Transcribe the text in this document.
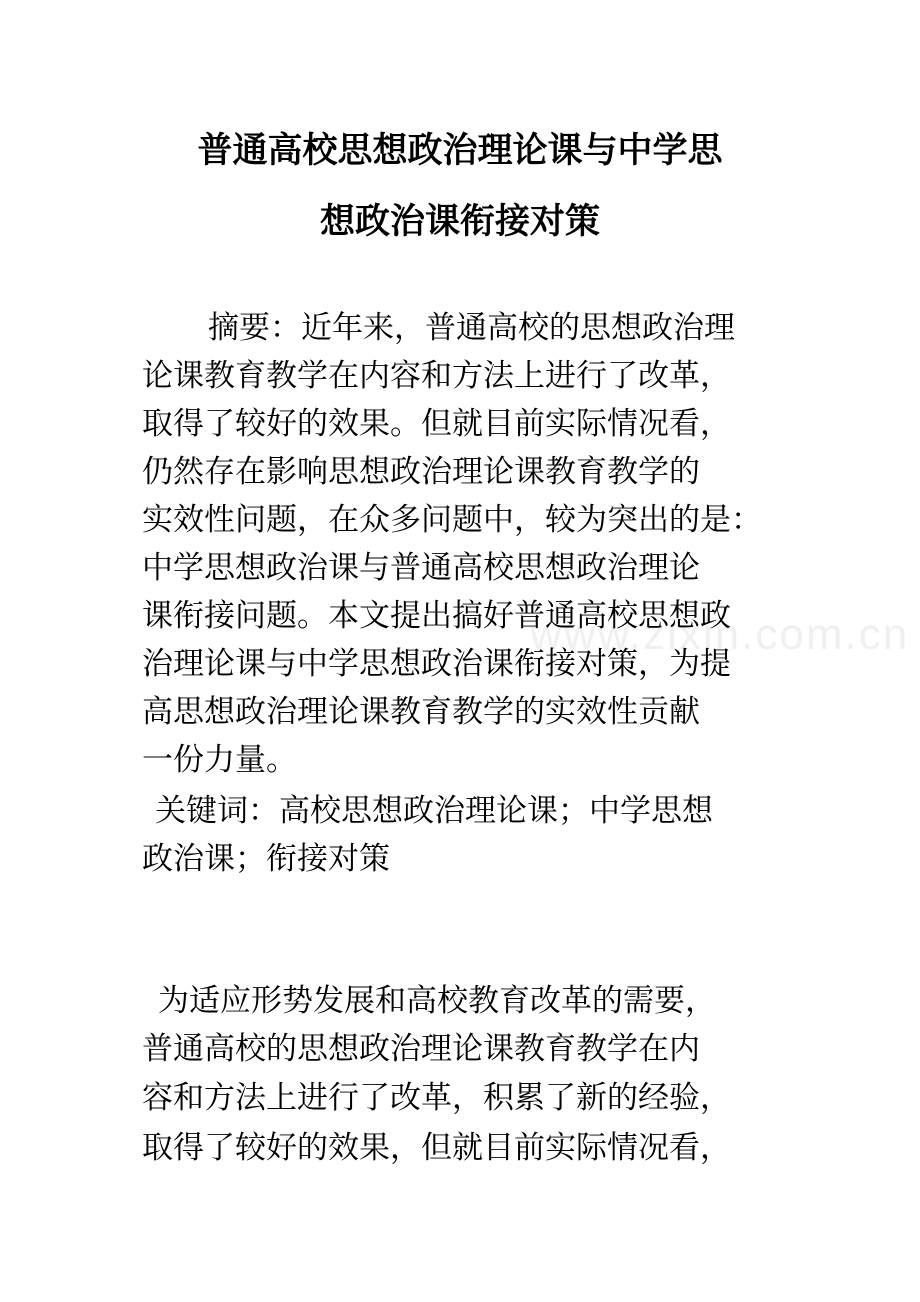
www.zixin.com.cn
普通高校思想政治理论课与中学思
想政治课衔接对策
摘要：近年来，普通高校的思想政治理
论课教育教学在内容和方法上进行了改革，
取得了较好的效果。但就目前实际情况看，
仍然存在影响思想政治理论课教育教学的
实效性问题，在众多问题中，较为突出的是：
中学思想政治课与普通高校思想政治理论
课衔接问题。本文提出搞好普通高校思想政
治理论课与中学思想政治课衔接对策，为提
高思想政治理论课教育教学的实效性贡献
一份力量。
关键词：高校思想政治理论课；中学思想
政治课；衔接对策
为适应形势发展和高校教育改革的需要，
普通高校的思想政治理论课教育教学在内
容和方法上进行了改革，积累了新的经验，
取得了较好的效果，但就目前实际情况看，
